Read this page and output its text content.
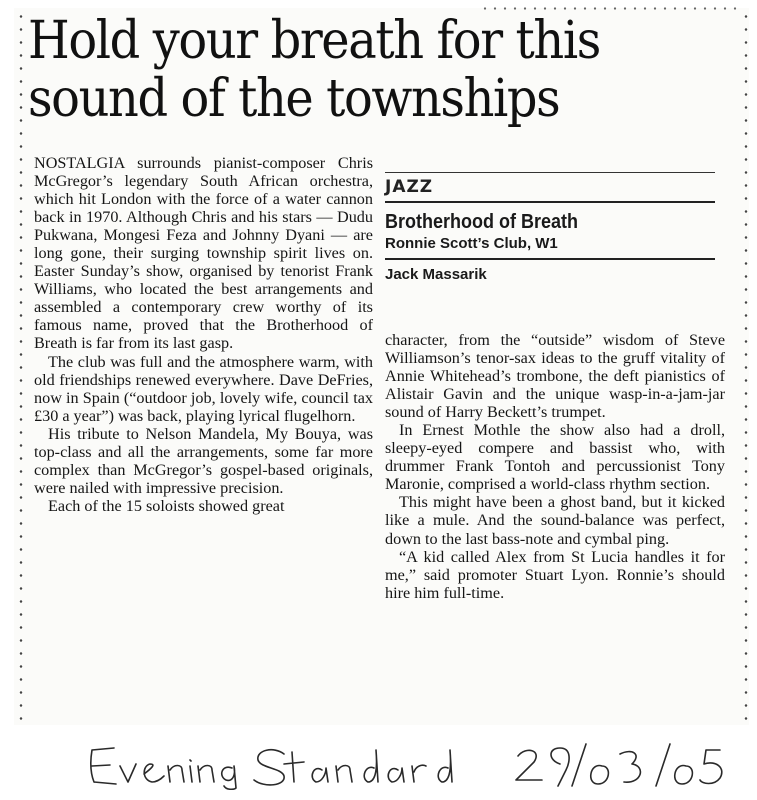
Hold your breath for this
sound of the townships

NOSTALGIA surrounds pianist-composer Chris McGregor’s legendary South African orchestra, which hit London with the force of a water cannon back in 1970. Although Chris and his stars — Dudu Pukwana, Mongesi Feza and Johnny Dyani — are long gone, their surging township spirit lives on. Easter Sunday’s show, organised by tenorist Frank Williams, who located the best arrangements and assembled a contemporary crew worthy of its famous name, proved that the Brotherhood of Breath is far from its last gasp.

The club was full and the atmosphere warm, with old friendships renewed everywhere. Dave DeFries, now in Spain (“outdoor job, lovely wife, council tax £30 a year”) was back, playing lyrical flugelhorn.

His tribute to Nelson Mandela, My Bouya, was top-class and all the arrangements, some far more complex than McGregor’s gospel-based originals, were nailed with impressive precision.

Each of the 15 soloists showed great

JAZZ
Brotherhood of Breath
Ronnie Scott’s Club, W1
Jack Massarik

character, from the “outside” wisdom of Steve Williamson’s tenor-sax ideas to the gruff vitality of Annie Whitehead’s trombone, the deft pianistics of Alistair Gavin and the unique wasp-in-a-jam-jar sound of Harry Beckett’s trumpet.

In Ernest Mothle the show also had a droll, sleepy-eyed compere and bassist who, with drummer Frank Tontoh and percussionist Tony Maronie, comprised a world-class rhythm section.

This might have been a ghost band, but it kicked like a mule. And the sound-balance was perfect, down to the last bass-note and cymbal ping.

“A kid called Alex from St Lucia handles it for me,” said promoter Stuart Lyon. Ronnie’s should hire him full-time.
